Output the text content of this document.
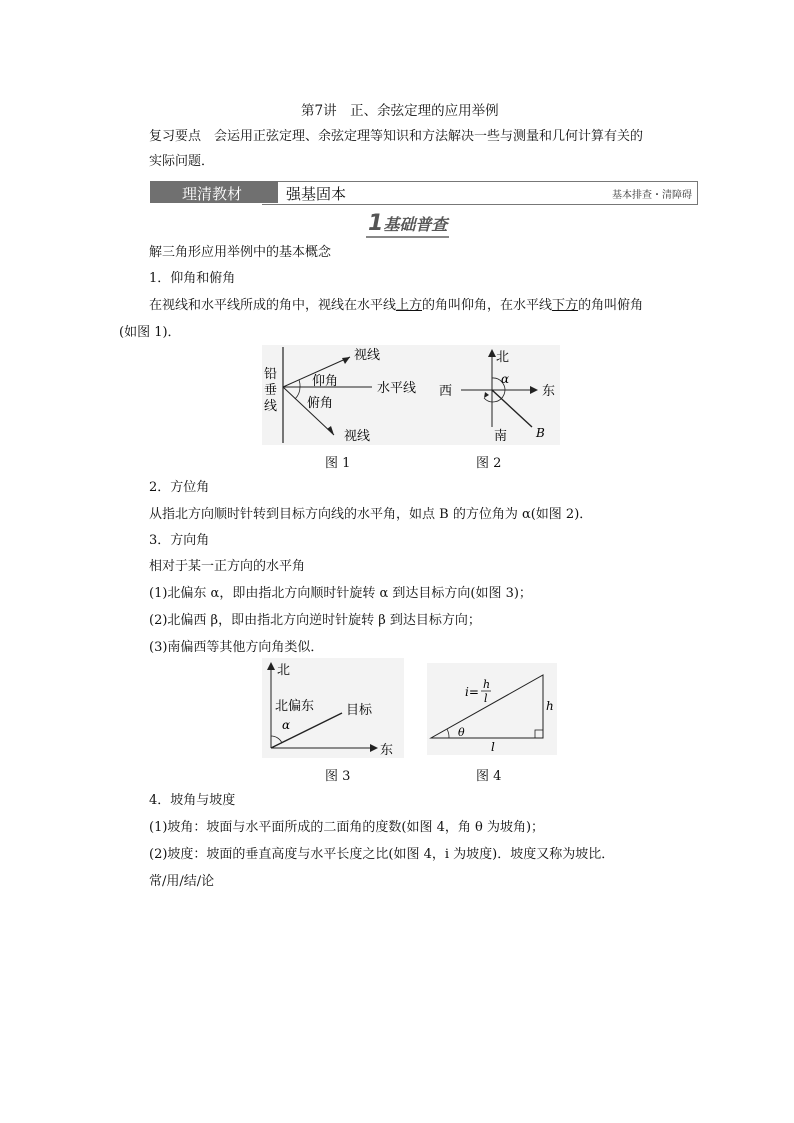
第7讲　正、余弦定理的应用举例
复习要点　会运用正弦定理、余弦定理等知识和方法解决一些与测量和几何计算有关的
实际问题．
理清教材	强基固本	基本排查・清障碍
1基础普查
解三角形应用举例中的基本概念
1．仰角和俯角
在视线和水平线所成的角中，视线在水平线上方的角叫仰角，在水平线下方的角叫俯角
(如图 1)．
铅
垂
线
视线
仰角
俯角
水平线
视线
图 1
北
西	东
南
α
B
图 2
2．方位角
从指北方向顺时针转到目标方向线的水平角，如点 B 的方位角为 α(如图 2)．
3．方向角
相对于某一正方向的水平角
(1)北偏东 α，即由指北方向顺时针旋转 α 到达目标方向(如图 3)；
(2)北偏西 β，即由指北方向逆时针旋转 β 到达目标方向；
(3)南偏西等其他方向角类似．
北
北偏东 目标
α
东
图 3
i=
h
l
h
θ
l
图 4
4．坡角与坡度
(1)坡角：坡面与水平面所成的二面角的度数(如图 4，角 θ 为坡角)；
(2)坡度：坡面的垂直高度与水平长度之比(如图 4，i 为坡度)．坡度又称为坡比．
常/用/结/论
